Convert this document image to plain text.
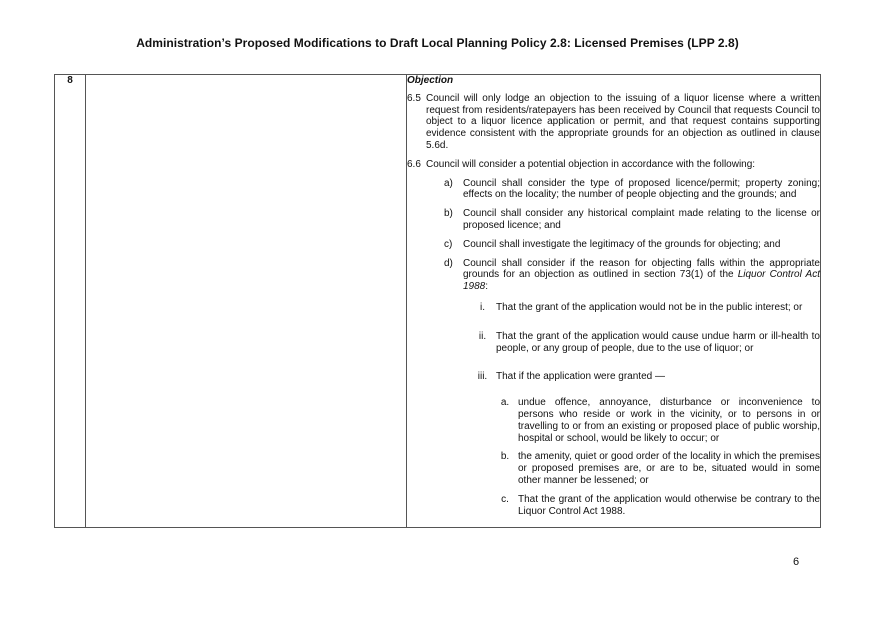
Administration’s Proposed Modifications to Draft Local Planning Policy 2.8: Licensed Premises (LPP 2.8)
8		Objection
6.5 Council will only lodge an objection to the issuing of a liquor license where a written request from residents/ratepayers has been received by Council that requests Council to object to a liquor licence application or permit, and that request contains supporting evidence consistent with the appropriate grounds for an objection as outlined in clause 5.6d.
6.6 Council will consider a potential objection in accordance with the following:
a)	Council shall consider the type of proposed licence/permit; property zoning; effects on the locality; the number of people objecting and the grounds; and
b)	Council shall consider any historical complaint made relating to the license or proposed licence; and
c)	Council shall investigate the legitimacy of the grounds for objecting; and
d)	Council shall consider if the reason for objecting falls within the appropriate grounds for an objection as outlined in section 73(1) of the Liquor Control Act 1988:
i.	That the grant of the application would not be in the public interest; or
ii. That the grant of the application would cause undue harm or ill-health to people, or any group of people, due to the use of liquor; or
iii. That if the application were granted —
a. undue offence, annoyance, disturbance or inconvenience to persons who reside or work in the vicinity, or to persons in or travelling to or from an existing or proposed place of public worship, hospital or school, would be likely to occur; or
b. the amenity, quiet or good order of the locality in which the premises or proposed premises are, or are to be, situated would in some other manner be lessened; or
c. That the grant of the application would otherwise be contrary to the Liquor Control Act 1988.
6
